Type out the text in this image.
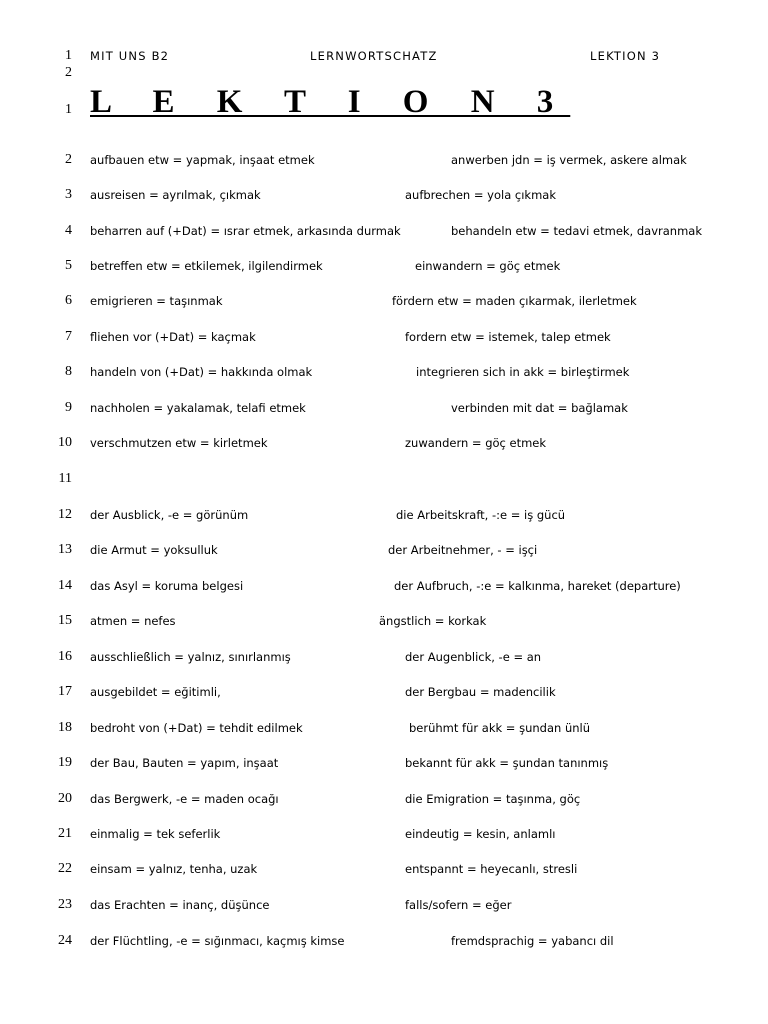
1
2
1
2
3
4
5
6
7
8
9
10
11
12
13
14
15
16
17
18
19
20
21
22
23
24
MIT UNS B2	LERNWORTSCHATZ	LEKTION 3
L E K T I O N 3
aufbauen etw = yapmak, inşaat etmek	anwerben jdn = iş vermek, askere almak
ausreisen = ayrılmak, çıkmak	aufbrechen = yola çıkmak
beharren auf (+Dat) = ısrar etmek, arkasında durmak	behandeln etw = tedavi etmek, davranmak
betreffen etw = etkilemek, ilgilendirmek	einwandern = göç etmek
emigrieren = taşınmak	fördern etw = maden çıkarmak, ilerletmek
fliehen vor (+Dat) = kaçmak	fordern etw = istemek, talep etmek
handeln von (+Dat) = hakkında olmak	integrieren sich in akk = birleştirmek
nachholen = yakalamak, telafi etmek	verbinden mit dat = bağlamak
verschmutzen etw = kirletmek	zuwandern = göç etmek
der Ausblick, -e = görünüm	die Arbeitskraft, -:e = iş gücü
die Armut = yoksulluk	der Arbeitnehmer, - = işçi
das Asyl = koruma belgesi	der Aufbruch, -:e = kalkınma, hareket (departure)
atmen = nefes	ängstlich = korkak
ausschließlich = yalnız, sınırlanmış	der Augenblick, -e = an
ausgebildet = eğitimli,	der Bergbau = madencilik
bedroht von (+Dat) = tehdit edilmek	berühmt für akk = şundan ünlü
der Bau, Bauten = yapım, inşaat	bekannt für akk = şundan tanınmış
das Bergwerk, -e = maden ocağı	die Emigration = taşınma, göç
einmalig = tek seferlik	eindeutig = kesin, anlamlı
einsam = yalnız, tenha, uzak	entspannt = heyecanlı, stresli
das Erachten = inanç, düşünce	falls/sofern = eğer
der Flüchtling, -e = sığınmacı, kaçmış kimse	fremdsprachig = yabancı dil
